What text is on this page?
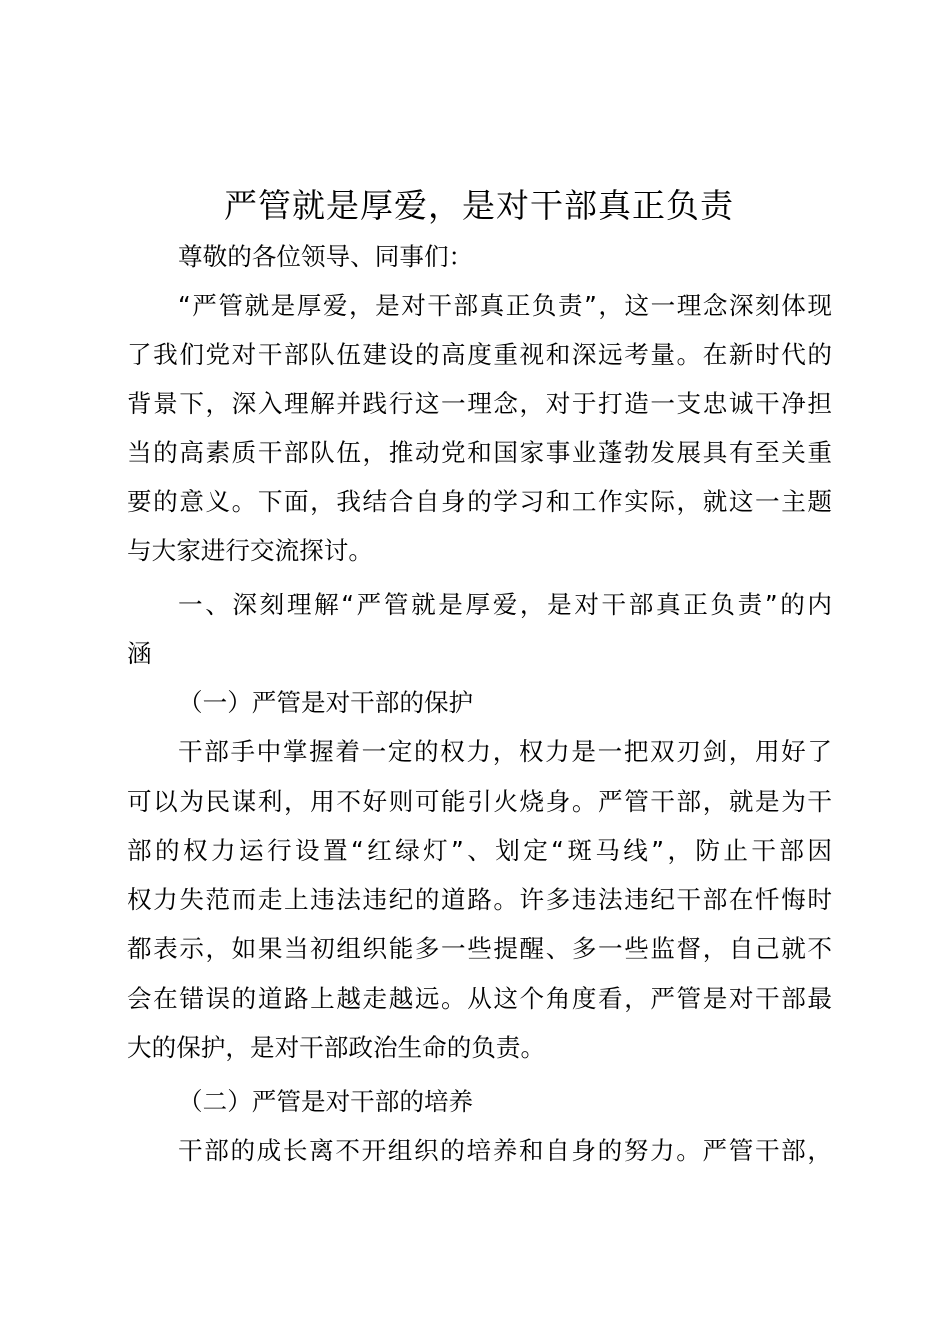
严管就是厚爱，是对干部真正负责
尊敬的各位领导、同事们：
“严管就是厚爱，是对干部真正负责”，这一理念深刻体现
了我们党对干部队伍建设的高度重视和深远考量。在新时代的
背景下，深入理解并践行这一理念，对于打造一支忠诚干净担
当的高素质干部队伍，推动党和国家事业蓬勃发展具有至关重
要的意义。下面，我结合自身的学习和工作实际，就这一主题
与大家进行交流探讨。
一、深刻理解“严管就是厚爱，是对干部真正负责”的内
涵
（一）严管是对干部的保护
干部手中掌握着一定的权力，权力是一把双刃剑，用好了
可以为民谋利，用不好则可能引火烧身。严管干部，就是为干
部的权力运行设置“红绿灯”、划定“斑马线”，防止干部因
权力失范而走上违法违纪的道路。许多违法违纪干部在忏悔时
都表示，如果当初组织能多一些提醒、多一些监督，自己就不
会在错误的道路上越走越远。从这个角度看，严管是对干部最
大的保护，是对干部政治生命的负责。
（二）严管是对干部的培养
干部的成长离不开组织的培养和自身的努力。严管干部，
